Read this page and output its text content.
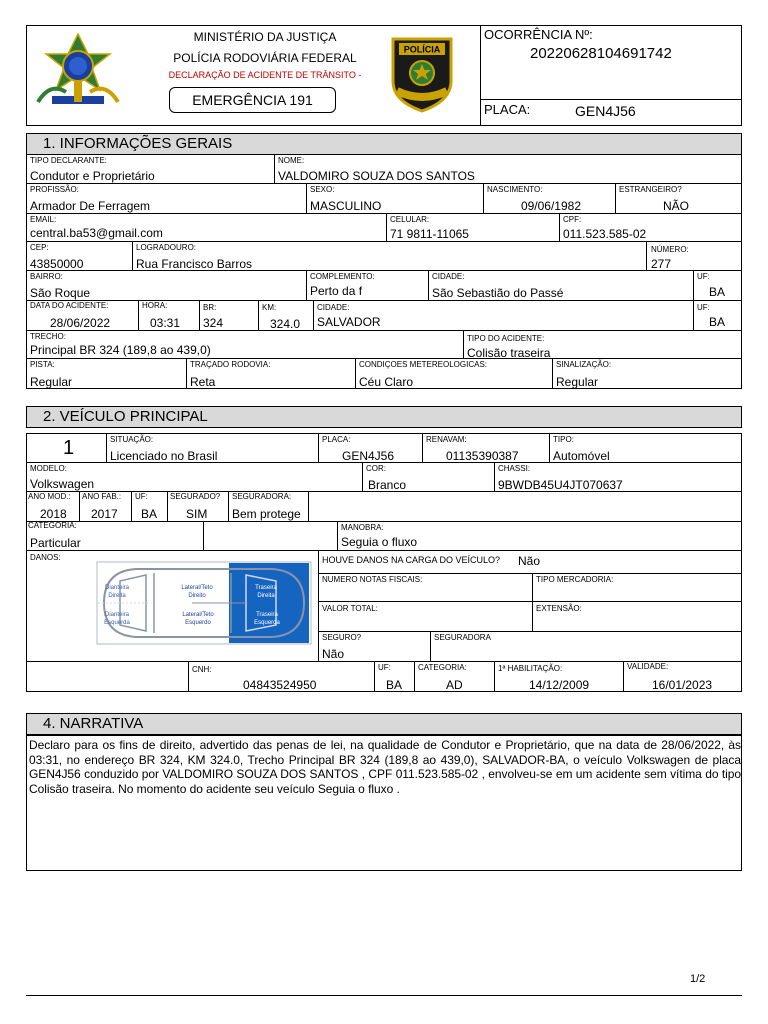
MINISTÉRIO DA JUSTIÇA
POLÍCIA RODOVIÁRIA FEDERAL
DECLARAÇÃO DE ACIDENTE DE TRÂNSITO -
EMERGÊNCIA 191
POLÍCIA
OCORRÊNCIA Nº:
20220628104691742
PLACA:	GEN4J56
1. INFORMAÇÕES GERAIS
TIPO DECLARANTE:
Condutor e Proprietário
NOME:
VALDOMIRO SOUZA DOS SANTOS
PROFISSÃO:
Armador De Ferragem
SEXO:
MASCULINO
NASCIMENTO:
09/06/1982
ESTRANGEIRO?
NÃO
EMAIL:
central.ba53@gmail.com
CELULAR:
71 9811-11065
CPF:
011.523.585-02
CEP:
43850000
LOGRADOURO:
Rua Francisco Barros
NÚMERO:
277
BAIRRO:
São Roque
COMPLEMENTO:
Perto da f
CIDADE:
São Sebastião do Passé
UF:
BA
DATA DO ACIDENTE:
28/06/2022
HORA:
03:31
BR:
324
KM:
324.0
CIDADE:
SALVADOR
UF:
BA
TRECHO:
Principal BR 324 (189,8 ao 439,0)
TIPO DO ACIDENTE:
Colisão traseira
PISTA:
Regular
TRAÇADO RODOVIA:
Reta
CONDIÇOES METEREOLOGICAS:
Céu Claro
SINALIZAÇÃO:
Regular
2. VEÍCULO PRINCIPAL
1	SITUAÇÃO:
Licenciado no Brasil
PLACA:
GEN4J56
RENAVAM:
01135390387
TIPO:
Automóvel
MODELO:
Volkswagen
COR:
Branco
CHASSI:
9BWDB45U4JT070637
ANO MOD.:
2018
ANO FAB.:
2017
UF:
BA
SEGURADO?
SIM
SEGURADORA:
Bem protege
CATEGORIA:
Particular
MANOBRA:
Seguia o fluxo
DANOS:
Dianteira Direita
Lateral/Teto Direito
Traseira Direita
Dianteira Esquerda
Lateral/Teto Esquerdo
Traseira Esquerda
HOUVE DANOS NA CARGA DO VEÍCULO? Não
NUMERO NOTAS FISCAIS:	TIPO MERCADORIA:
VALOR TOTAL:	EXTENSÃO:
SEGURO?
Não
SEGURADORA
CNH:
04843524950
UF:
BA
CATEGORIA:
AD
1ª HABILITAÇÃO:
14/12/2009
VALIDADE:
16/01/2023
4. NARRATIVA
Declaro para os fins de direito, advertido das penas de lei, na qualidade de Condutor e Proprietário, que na data de 28/06/2022, às 03:31, no endereço BR 324, KM 324.0, Trecho Principal BR 324 (189,8 ao 439,0), SALVADOR-BA, o veículo Volkswagen de placa GEN4J56 conduzido por VALDOMIRO SOUZA DOS SANTOS , CPF 011.523.585-02 , envolveu-se em um acidente sem vítima do tipo Colisão traseira. No momento do acidente seu veículo Seguia o fluxo .
1/2
